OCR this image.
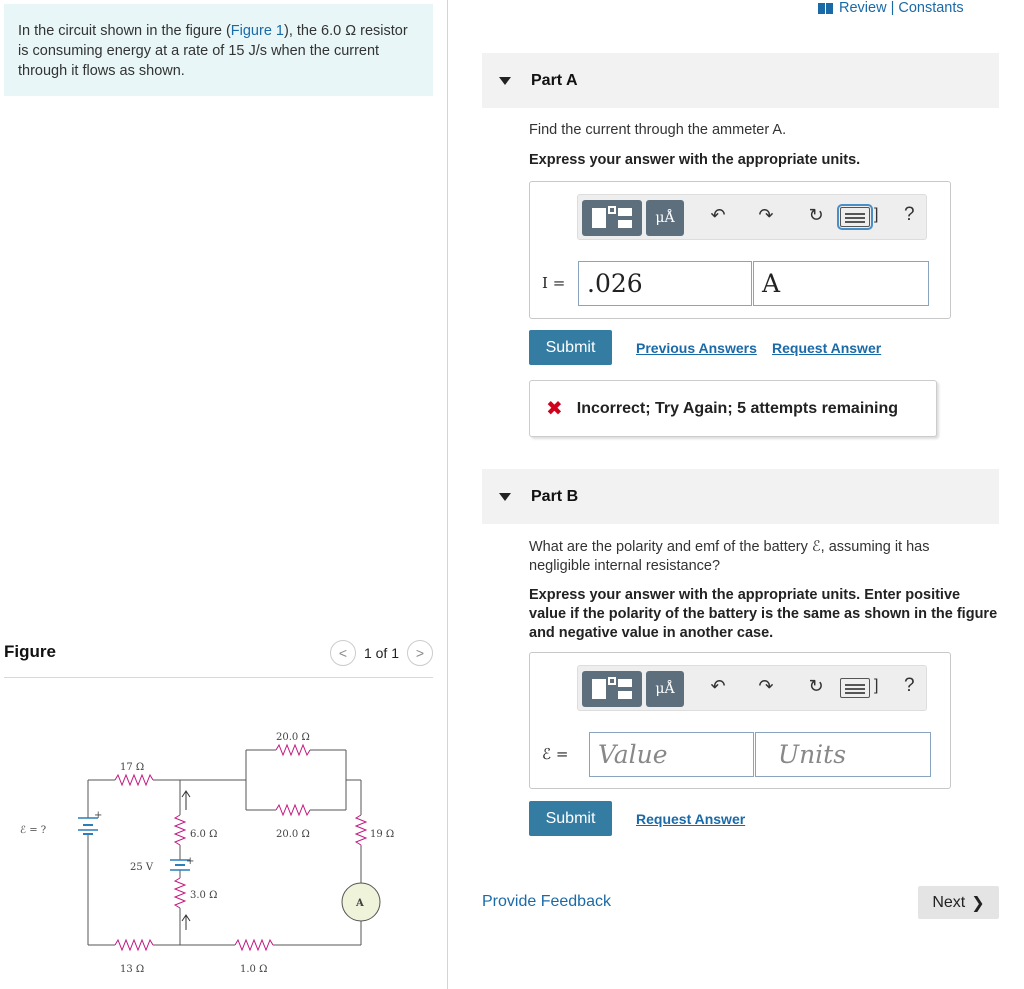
In the circuit shown in the figure (Figure 1), the 6.0 Ω resistor is consuming energy at a rate of 15 J/s when the current through it flows as shown.
Figure	< 1 of 1 >
ℰ = ?
+
17 Ω
6.0 Ω
25 V
+
3.0 Ω
20.0 Ω
20.0 Ω	19 Ω
A
13 Ω	1.0 Ω
Review | Constants
Part A
Find the current through the ammeter A.
Express your answer with the appropriate units.
μÅ	↶ ↷ ↻	] ?
I = .026	A
Submit	Previous Answers Request Answer
✖ Incorrect; Try Again; 5 attempts remaining
Part B
What are the polarity and emf of the battery ℰ, assuming it has negligible internal resistance?
Express your answer with the appropriate units. Enter positive value if the polarity of the battery is the same as shown in the figure and negative value in another case.
μÅ	↶ ↷ ↻	] ?
ℰ =	Value	Units
Submit	Request Answer
Provide Feedback	Next ❯
